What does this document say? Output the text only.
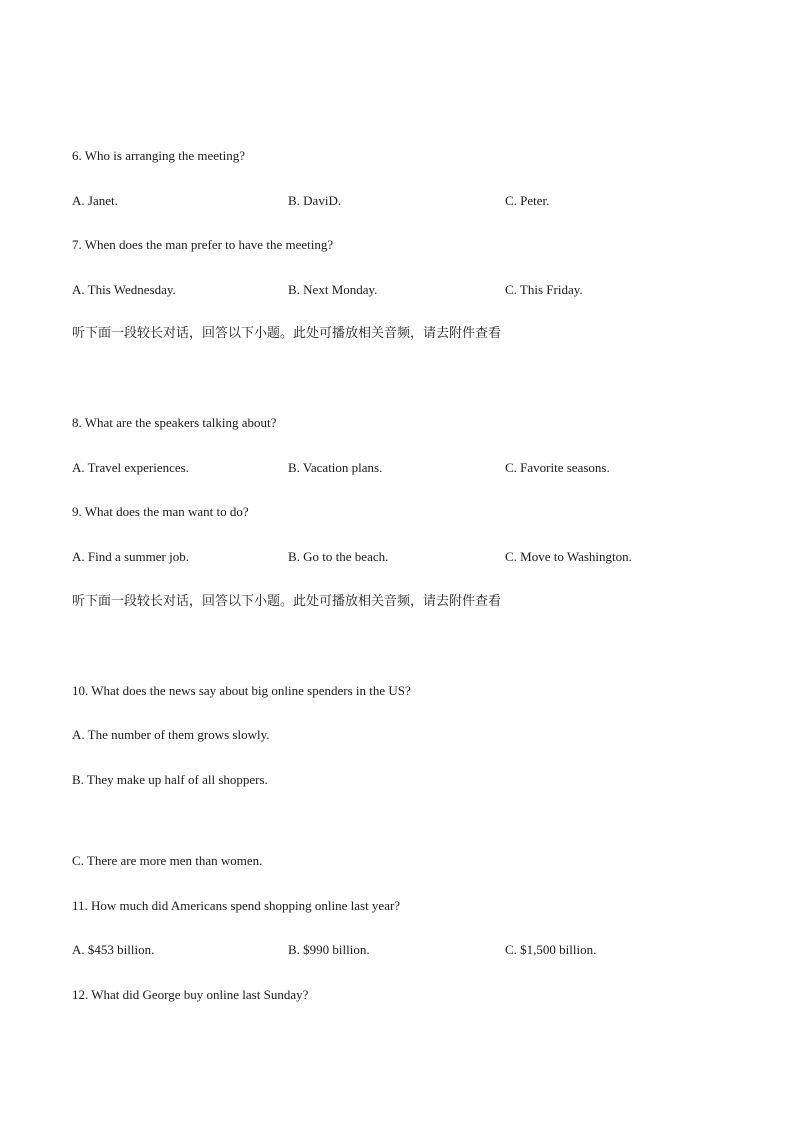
6. Who is arranging the meeting?
A. Janet.	B. DaviD.	C. Peter.
7. When does the man prefer to have the meeting?
A. This Wednesday.	B. Next Monday.	C. This Friday.
听下面一段较长对话，回答以下小题。此处可播放相关音频，请去附件查看
8. What are the speakers talking about?
A. Travel experiences.	B. Vacation plans.	C. Favorite seasons.
9. What does the man want to do?
A. Find a summer job.	B. Go to the beach.	C. Move to Washington.
听下面一段较长对话，回答以下小题。此处可播放相关音频，请去附件查看
10. What does the news say about big online spenders in the US?
A. The number of them grows slowly.
B. They make up half of all shoppers.
C. There are more men than women.
11. How much did Americans spend shopping online last year?
A. $453 billion.	B. $990 billion.	C. $1,500 billion.
12. What did George buy online last Sunday?
